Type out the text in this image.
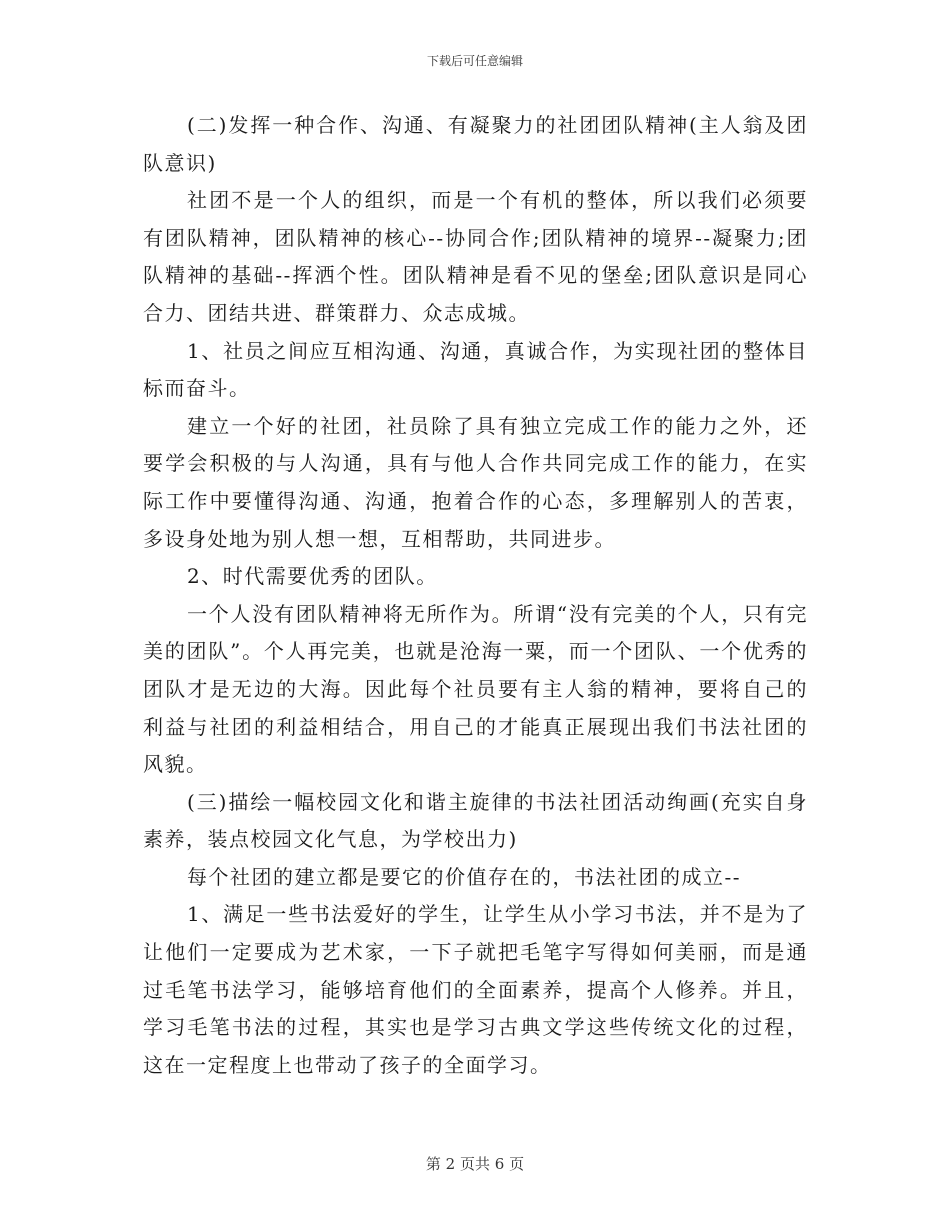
下载后可任意编辑

(二)发挥一种合作、沟通、有凝聚力的社团团队精神(主人翁及团队意识)

社团不是一个人的组织，而是一个有机的整体，所以我们必须要有团队精神，团队精神的核心--协同合作;团队精神的境界--凝聚力;团队精神的基础--挥洒个性。团队精神是看不见的堡垒;团队意识是同心合力、团结共进、群策群力、众志成城。

1、社员之间应互相沟通、沟通，真诚合作，为实现社团的整体目标而奋斗。

建立一个好的社团，社员除了具有独立完成工作的能力之外，还要学会积极的与人沟通，具有与他人合作共同完成工作的能力，在实际工作中要懂得沟通、沟通，抱着合作的心态，多理解别人的苦衷，多设身处地为别人想一想，互相帮助，共同进步。

2、时代需要优秀的团队。

一个人没有团队精神将无所作为。所谓“没有完美的个人，只有完美的团队”。个人再完美，也就是沧海一粟，而一个团队、一个优秀的团队才是无边的大海。因此每个社员要有主人翁的精神，要将自己的利益与社团的利益相结合，用自己的才能真正展现出我们书法社团的风貌。

(三)描绘一幅校园文化和谐主旋律的书法社团活动绚画(充实自身素养，装点校园文化气息，为学校出力)

每个社团的建立都是要它的价值存在的，书法社团的成立--

1、满足一些书法爱好的学生，让学生从小学习书法，并不是为了让他们一定要成为艺术家，一下子就把毛笔字写得如何美丽，而是通过毛笔书法学习，能够培育他们的全面素养，提高个人修养。并且，学习毛笔书法的过程，其实也是学习古典文学这些传统文化的过程，这在一定程度上也带动了孩子的全面学习。

第 2 页共 6 页
